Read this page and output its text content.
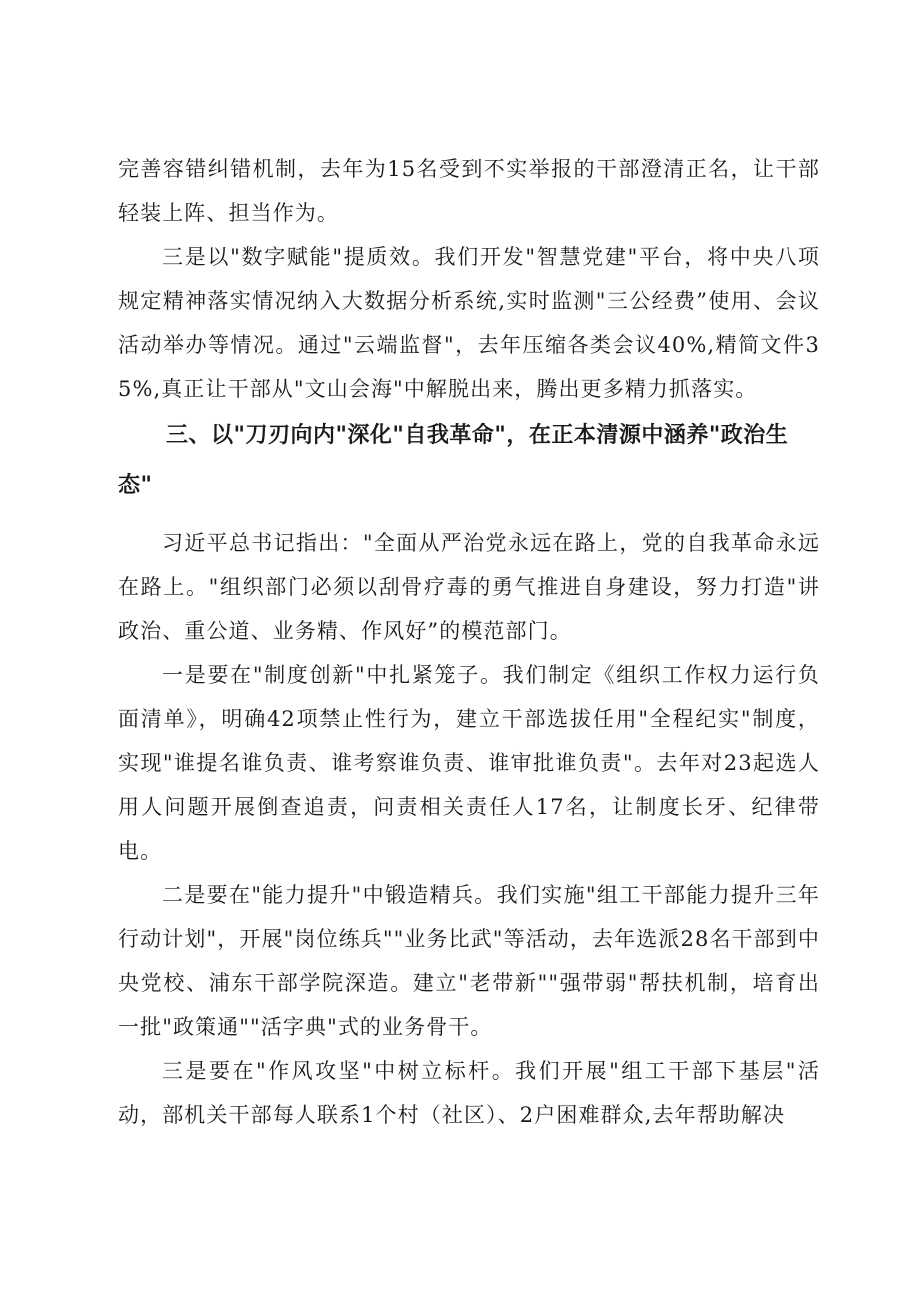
完善容错纠错机制，去年为15名受到不实举报的干部澄清正名，让干部轻装上阵、担当作为。

三是以"数字赋能"提质效。我们开发"智慧党建"平台，将中央八项规定精神落实情况纳入大数据分析系统,实时监测"三公经费”使用、会议活动举办等情况。通过"云端监督"，去年压缩各类会议40%,精简文件35%,真正让干部从"文山会海"中解脱出来，腾出更多精力抓落实。

三、以"刀刃向内"深化"自我革命"，在正本清源中涵养"政治生态"

习近平总书记指出："全面从严治党永远在路上，党的自我革命永远在路上。"组织部门必须以刮骨疗毒的勇气推进自身建设，努力打造"讲政治、重公道、业务精、作风好”的模范部门。

一是要在"制度创新"中扎紧笼子。我们制定《组织工作权力运行负面清单》，明确42项禁止性行为，建立干部选拔任用"全程纪实"制度，实现"谁提名谁负责、谁考察谁负责、谁审批谁负责"。去年对23起选人用人问题开展倒查追责，问责相关责任人17名，让制度长牙、纪律带电。

二是要在"能力提升"中锻造精兵。我们实施"组工干部能力提升三年行动计划"，开展"岗位练兵""业务比武"等活动，去年选派28名干部到中央党校、浦东干部学院深造。建立"老带新""强带弱"帮扶机制，培育出一批"政策通""活字典"式的业务骨干。

三是要在"作风攻坚"中树立标杆。我们开展"组工干部下基层"活动，部机关干部每人联系1个村（社区）、2户困难群众,去年帮助解决
